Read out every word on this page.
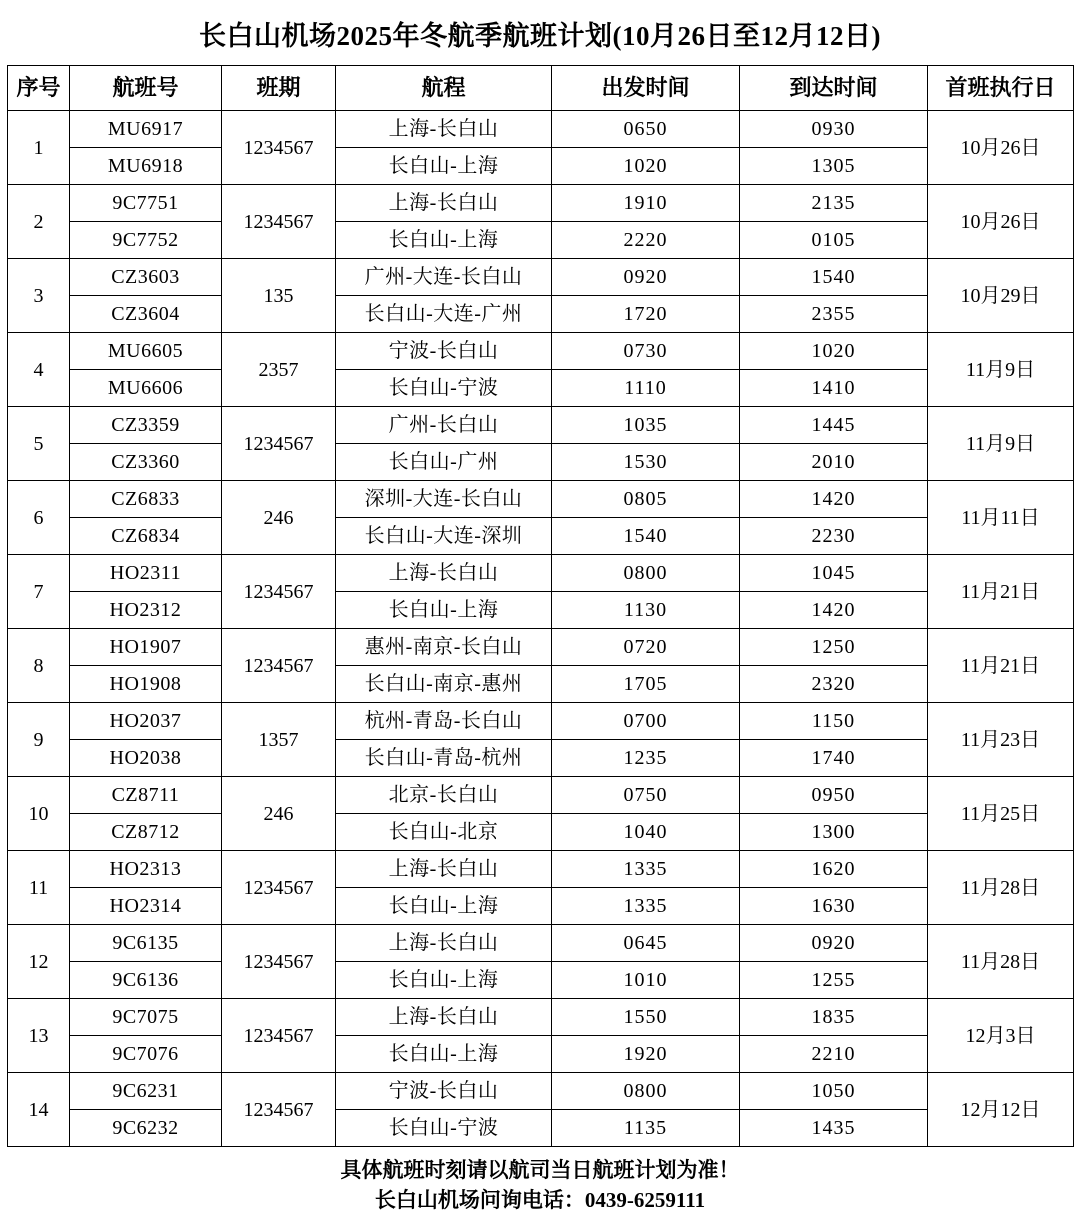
长白山机场2025年冬航季航班计划(10月26日至12月12日)
序号	航班号	班期	航程	出发时间	到达时间	首班执行日
1	MU6917	1234567	上海-长白山	0650	0930	10月26日
	MU6918		长白山-上海	1020	1305	
2	9C7751	1234567	上海-长白山	1910	2135	10月26日
	9C7752		长白山-上海	2220	0105	
3	CZ3603	135	广州-大连-长白山	0920	1540	10月29日
	CZ3604		长白山-大连-广州	1720	2355	
4	MU6605	2357	宁波-长白山	0730	1020	11月9日
	MU6606		长白山-宁波	1110	1410	
5	CZ3359	1234567	广州-长白山	1035	1445	11月9日
	CZ3360		长白山-广州	1530	2010	
6	CZ6833	246	深圳-大连-长白山	0805	1420	11月11日
	CZ6834		长白山-大连-深圳	1540	2230	
7	HO2311	1234567	上海-长白山	0800	1045	11月21日
	HO2312		长白山-上海	1130	1420	
8	HO1907	1234567	惠州-南京-长白山	0720	1250	11月21日
	HO1908		长白山-南京-惠州	1705	2320	
9	HO2037	1357	杭州-青岛-长白山	0700	1150	11月23日
	HO2038		长白山-青岛-杭州	1235	1740	
10	CZ8711	246	北京-长白山	0750	0950	11月25日
	CZ8712		长白山-北京	1040	1300	
11	HO2313	1234567	上海-长白山	1335	1620	11月28日
	HO2314		长白山-上海	1335	1630	
12	9C6135	1234567	上海-长白山	0645	0920	11月28日
	9C6136		长白山-上海	1010	1255	
13	9C7075	1234567	上海-长白山	1550	1835	12月3日
	9C7076		长白山-上海	1920	2210	
14	9C6231	1234567	宁波-长白山	0800	1050	12月12日
	9C6232		长白山-宁波	1135	1435	
具体航班时刻请以航司当日航班计划为准！
长白山机场问询电话：0439-6259111
